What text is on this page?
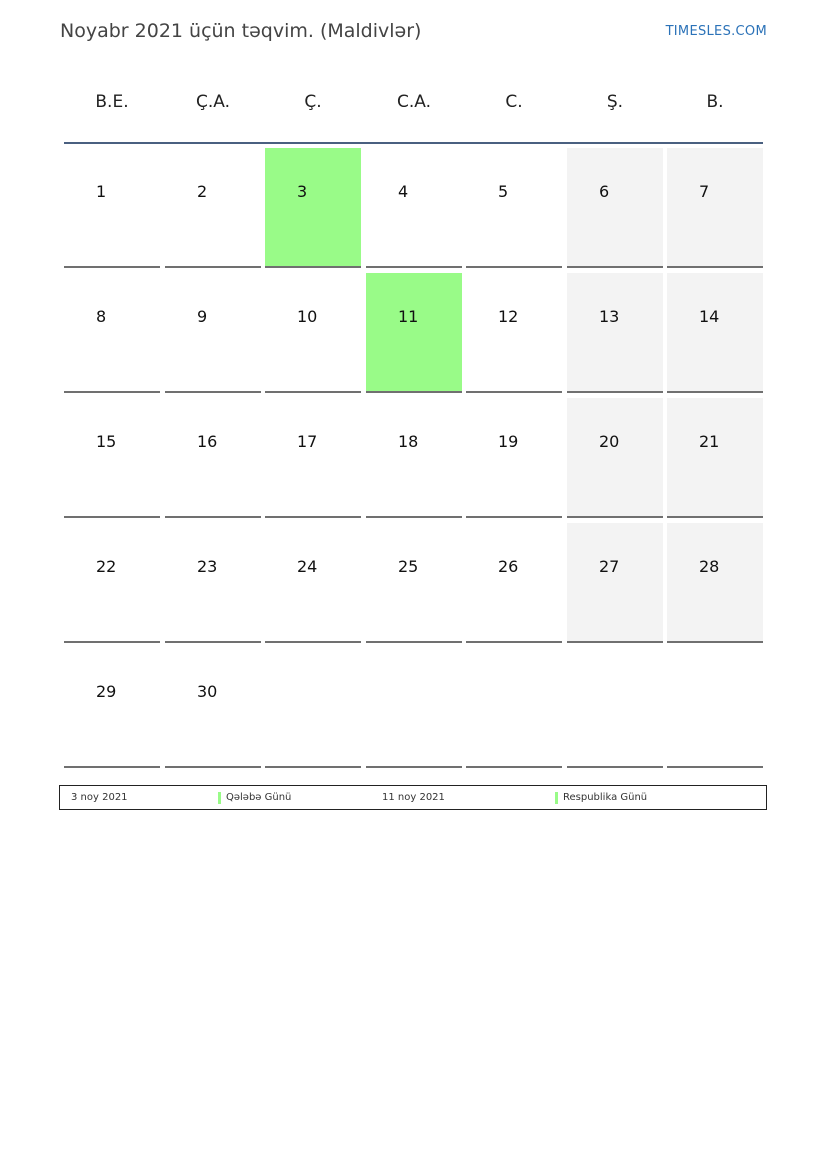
Noyabr 2021 üçün təqvim. (Maldivlər)	TIMESLES.COM
B.E.	Ç.A.	Ç.	C.A.	C.	Ş.	B.
1	2	3	4	5	6	7
8	9	10	11	12	13	14
15	16	17	18	19	20	21
22	23	24	25	26	27	28
29	30
3 noy 2021	Qələbə Günü	11 noy 2021	Respublika Günü
